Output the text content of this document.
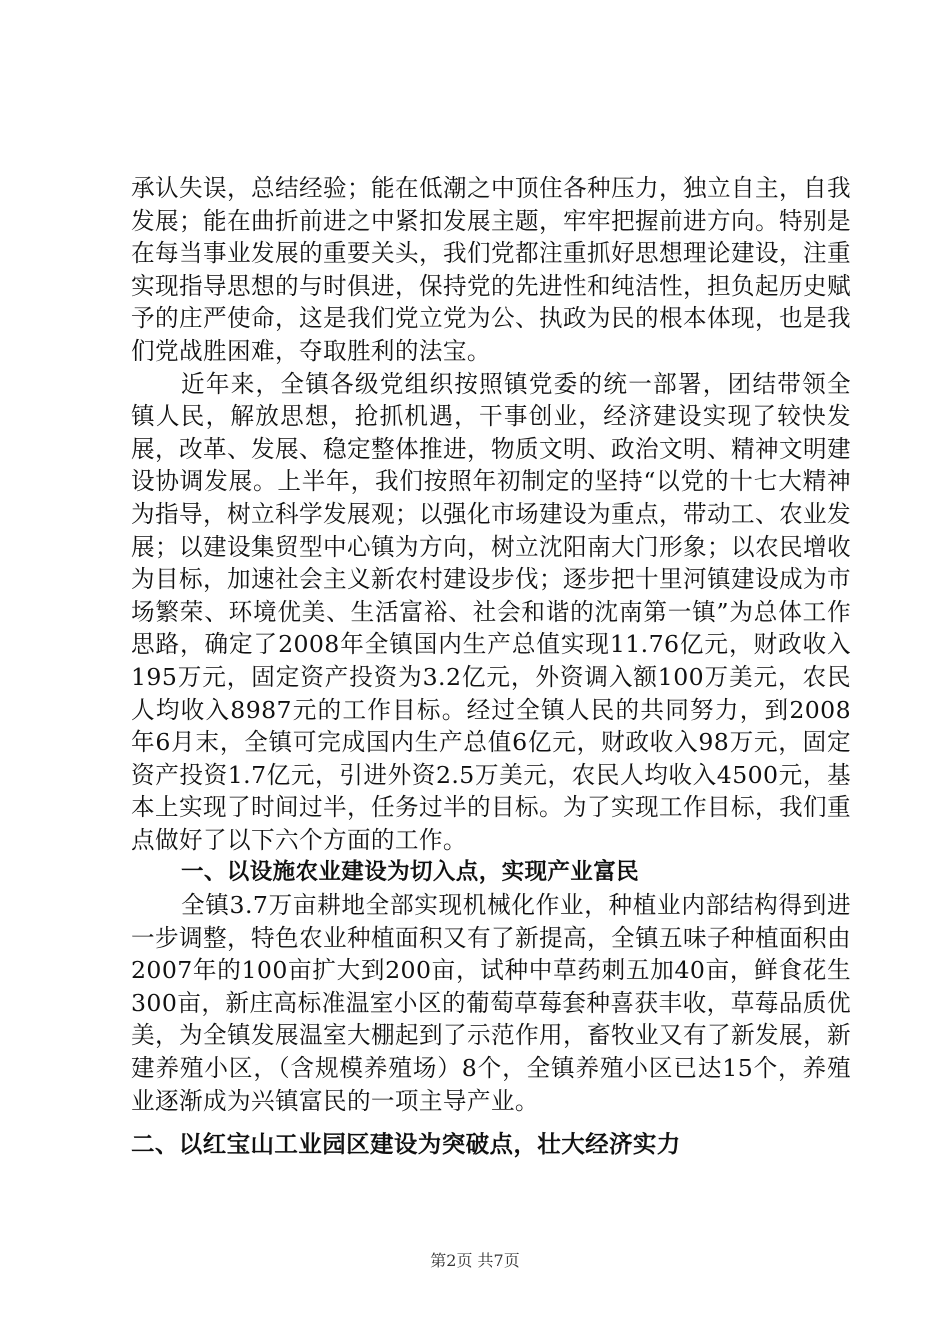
承认失误，总结经验；能在低潮之中顶住各种压力，独立自主，自我发展；能在曲折前进之中紧扣发展主题，牢牢把握前进方向。特别是在每当事业发展的重要关头，我们党都注重抓好思想理论建设，注重实现指导思想的与时俱进，保持党的先进性和纯洁性，担负起历史赋予的庄严使命，这是我们党立党为公、执政为民的根本体现，也是我们党战胜困难，夺取胜利的法宝。

近年来，全镇各级党组织按照镇党委的统一部署，团结带领全镇人民，解放思想，抢抓机遇，干事创业，经济建设实现了较快发展，改革、发展、稳定整体推进，物质文明、政治文明、精神文明建设协调发展。上半年，我们按照年初制定的坚持“以党的十七大精神为指导，树立科学发展观；以强化市场建设为重点，带动工、农业发展；以建设集贸型中心镇为方向，树立沈阳南大门形象；以农民增收为目标，加速社会主义新农村建设步伐；逐步把十里河镇建设成为市场繁荣、环境优美、生活富裕、社会和谐的沈南第一镇”为总体工作思路，确定了2008年全镇国内生产总值实现11.76亿元，财政收入195万元，固定资产投资为3.2亿元，外资调入额100万美元，农民人均收入8987元的工作目标。经过全镇人民的共同努力，到2008年6月末，全镇可完成国内生产总值6亿元，财政收入98万元，固定资产投资1.7亿元，引进外资2.5万美元，农民人均收入4500元，基本上实现了时间过半，任务过半的目标。为了实现工作目标，我们重点做好了以下六个方面的工作。

一、以设施农业建设为切入点，实现产业富民

全镇3.7万亩耕地全部实现机械化作业，种植业内部结构得到进一步调整，特色农业种植面积又有了新提高，全镇五味子种植面积由2007年的100亩扩大到200亩，试种中草药刺五加40亩，鲜食花生300亩，新庄高标准温室小区的葡萄草莓套种喜获丰收，草莓品质优美，为全镇发展温室大棚起到了示范作用，畜牧业又有了新发展，新建养殖小区，（含规模养殖场）8个，全镇养殖小区已达15个，养殖业逐渐成为兴镇富民的一项主导产业。

二、以红宝山工业园区建设为突破点，壮大经济实力

第2页 共7页
